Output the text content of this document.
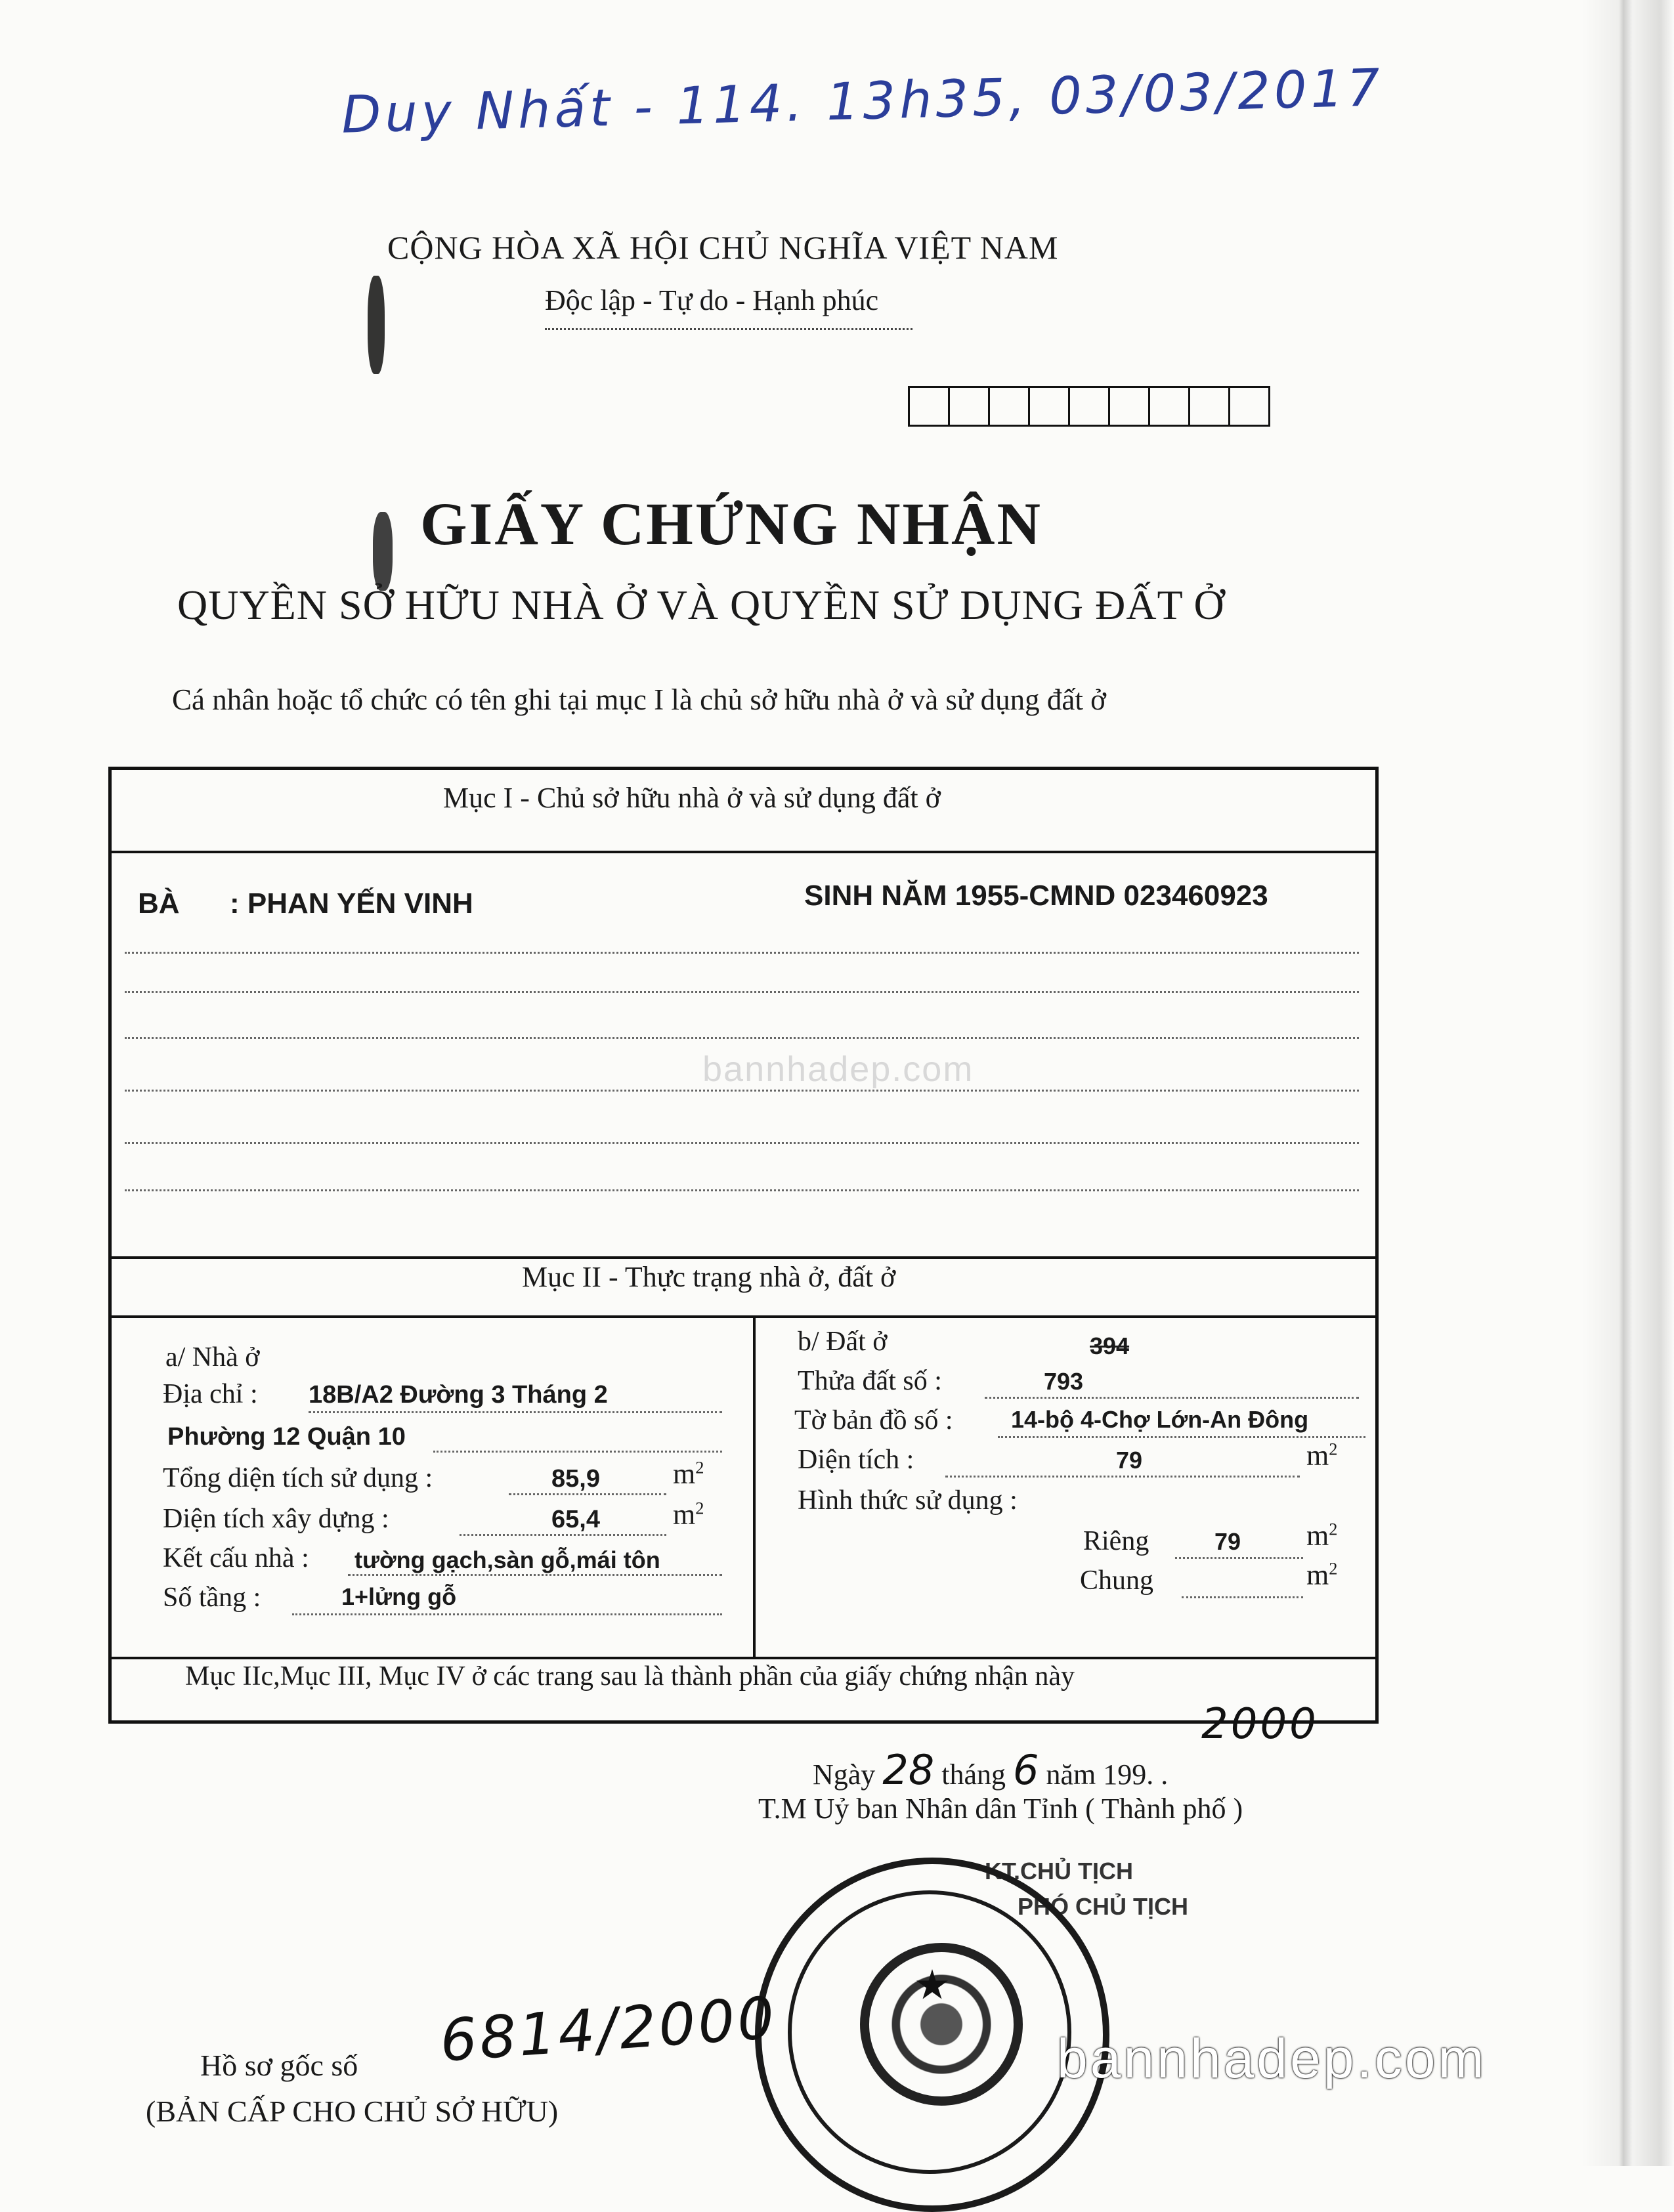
Duy Nhất - 114. 13h35, 03/03/2017
CỘNG HÒA XÃ HỘI CHỦ NGHĨA VIỆT NAM
Độc lập - Tự do - Hạnh phúc
GIẤY CHỨNG NHẬN
QUYỀN SỞ HỮU NHÀ Ở VÀ QUYỀN SỬ DỤNG ĐẤT Ở
Cá nhân hoặc tổ chức có tên ghi tại mục I là chủ sở hữu nhà ở và sử dụng đất ở
Mục I - Chủ sở hữu nhà ở và sử dụng đất ở
BÀ : PHAN YẾN VINH	SINH NĂM 1955-CMND 023460923
bannhadep.com
Mục II - Thực trạng nhà ở, đất ở
a/ Nhà ở
Địa chỉ : 18B/A2 Đường 3 Tháng 2
Phường 12 Quận 10
Tổng diện tích sử dụng :	85,9	$m^2$
Diện tích xây dựng :	65,4	$m^2$
Kết cấu nhà : tường gạch,sàn gỗ,mái tôn
Số tầng :	1+lửng gỗ
b/ Đất ở	394
Thửa đất số :	793
Tờ bản đồ số : 14-bộ 4-Chợ Lớn-An Đông
Diện tích :	79	$m^2$
Hình thức sử dụng :
Riêng	79 $m^2$
Chung	$m^2$
Mục IIc,Mục III, Mục IV ở các trang sau là thành phần của giấy chứng nhận này
Ngày 28 tháng 6 năm 199. .
2000
T.M Uỷ ban Nhân dân Tỉnh ( Thành phố )
KT.CHỦ TỊCH
PHÓ CHỦ TỊCH
Hồ sơ gốc số 6814/2000
(BẢN CẤP CHO CHỦ SỞ HỮU)
bannhadep.com
